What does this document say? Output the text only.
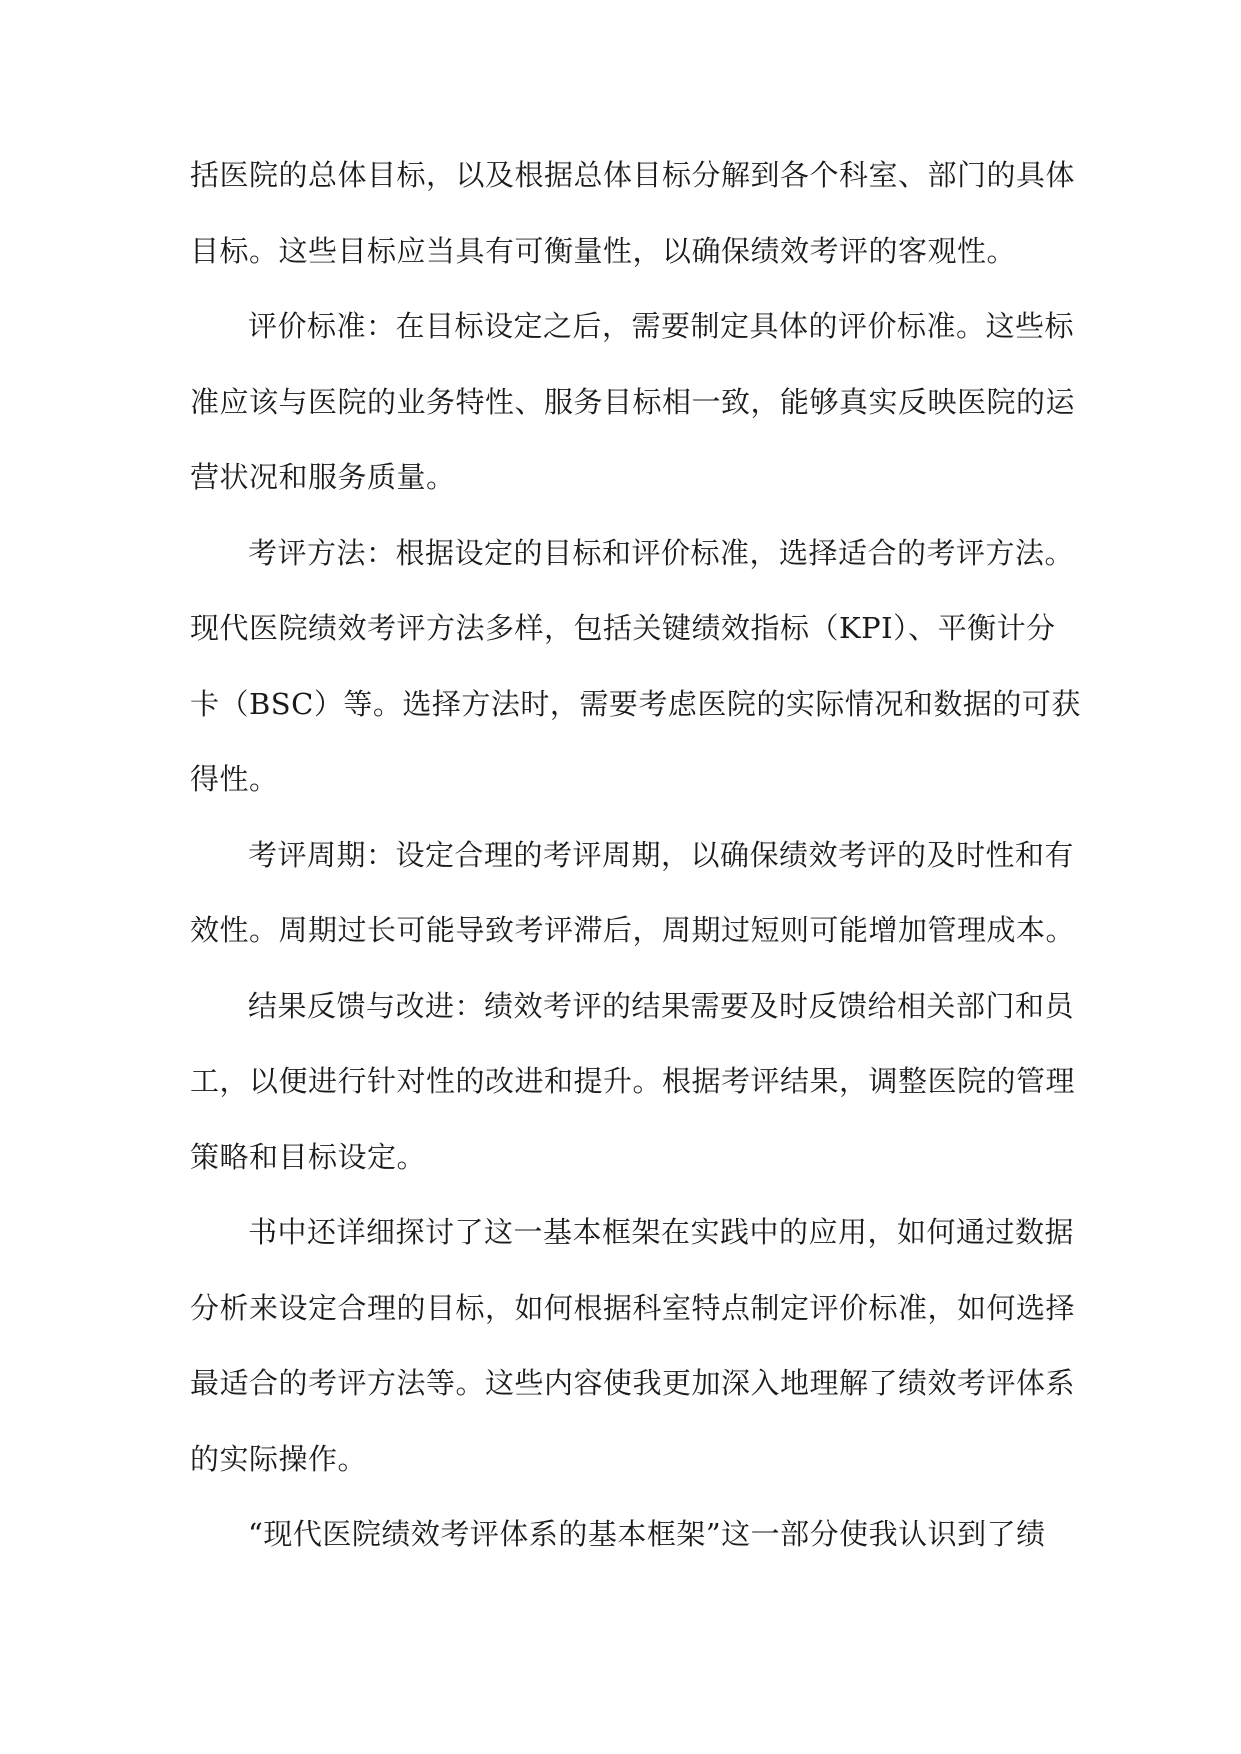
括医院的总体目标，以及根据总体目标分解到各个科室、部门的具体
目标。这些目标应当具有可衡量性，以确保绩效考评的客观性。
评价标准：在目标设定之后，需要制定具体的评价标准。这些标
准应该与医院的业务特性、服务目标相一致，能够真实反映医院的运
营状况和服务质量。
考评方法：根据设定的目标和评价标准，选择适合的考评方法。
现代医院绩效考评方法多样，包括关键绩效指标（KPI）、平衡计分
卡（BSC）等。选择方法时，需要考虑医院的实际情况和数据的可获
得性。
考评周期：设定合理的考评周期，以确保绩效考评的及时性和有
效性。周期过长可能导致考评滞后，周期过短则可能增加管理成本。
结果反馈与改进：绩效考评的结果需要及时反馈给相关部门和员
工，以便进行针对性的改进和提升。根据考评结果，调整医院的管理
策略和目标设定。
书中还详细探讨了这一基本框架在实践中的应用，如何通过数据
分析来设定合理的目标，如何根据科室特点制定评价标准，如何选择
最适合的考评方法等。这些内容使我更加深入地理解了绩效考评体系
的实际操作。
“现代医院绩效考评体系的基本框架”这一部分使我认识到了绩
